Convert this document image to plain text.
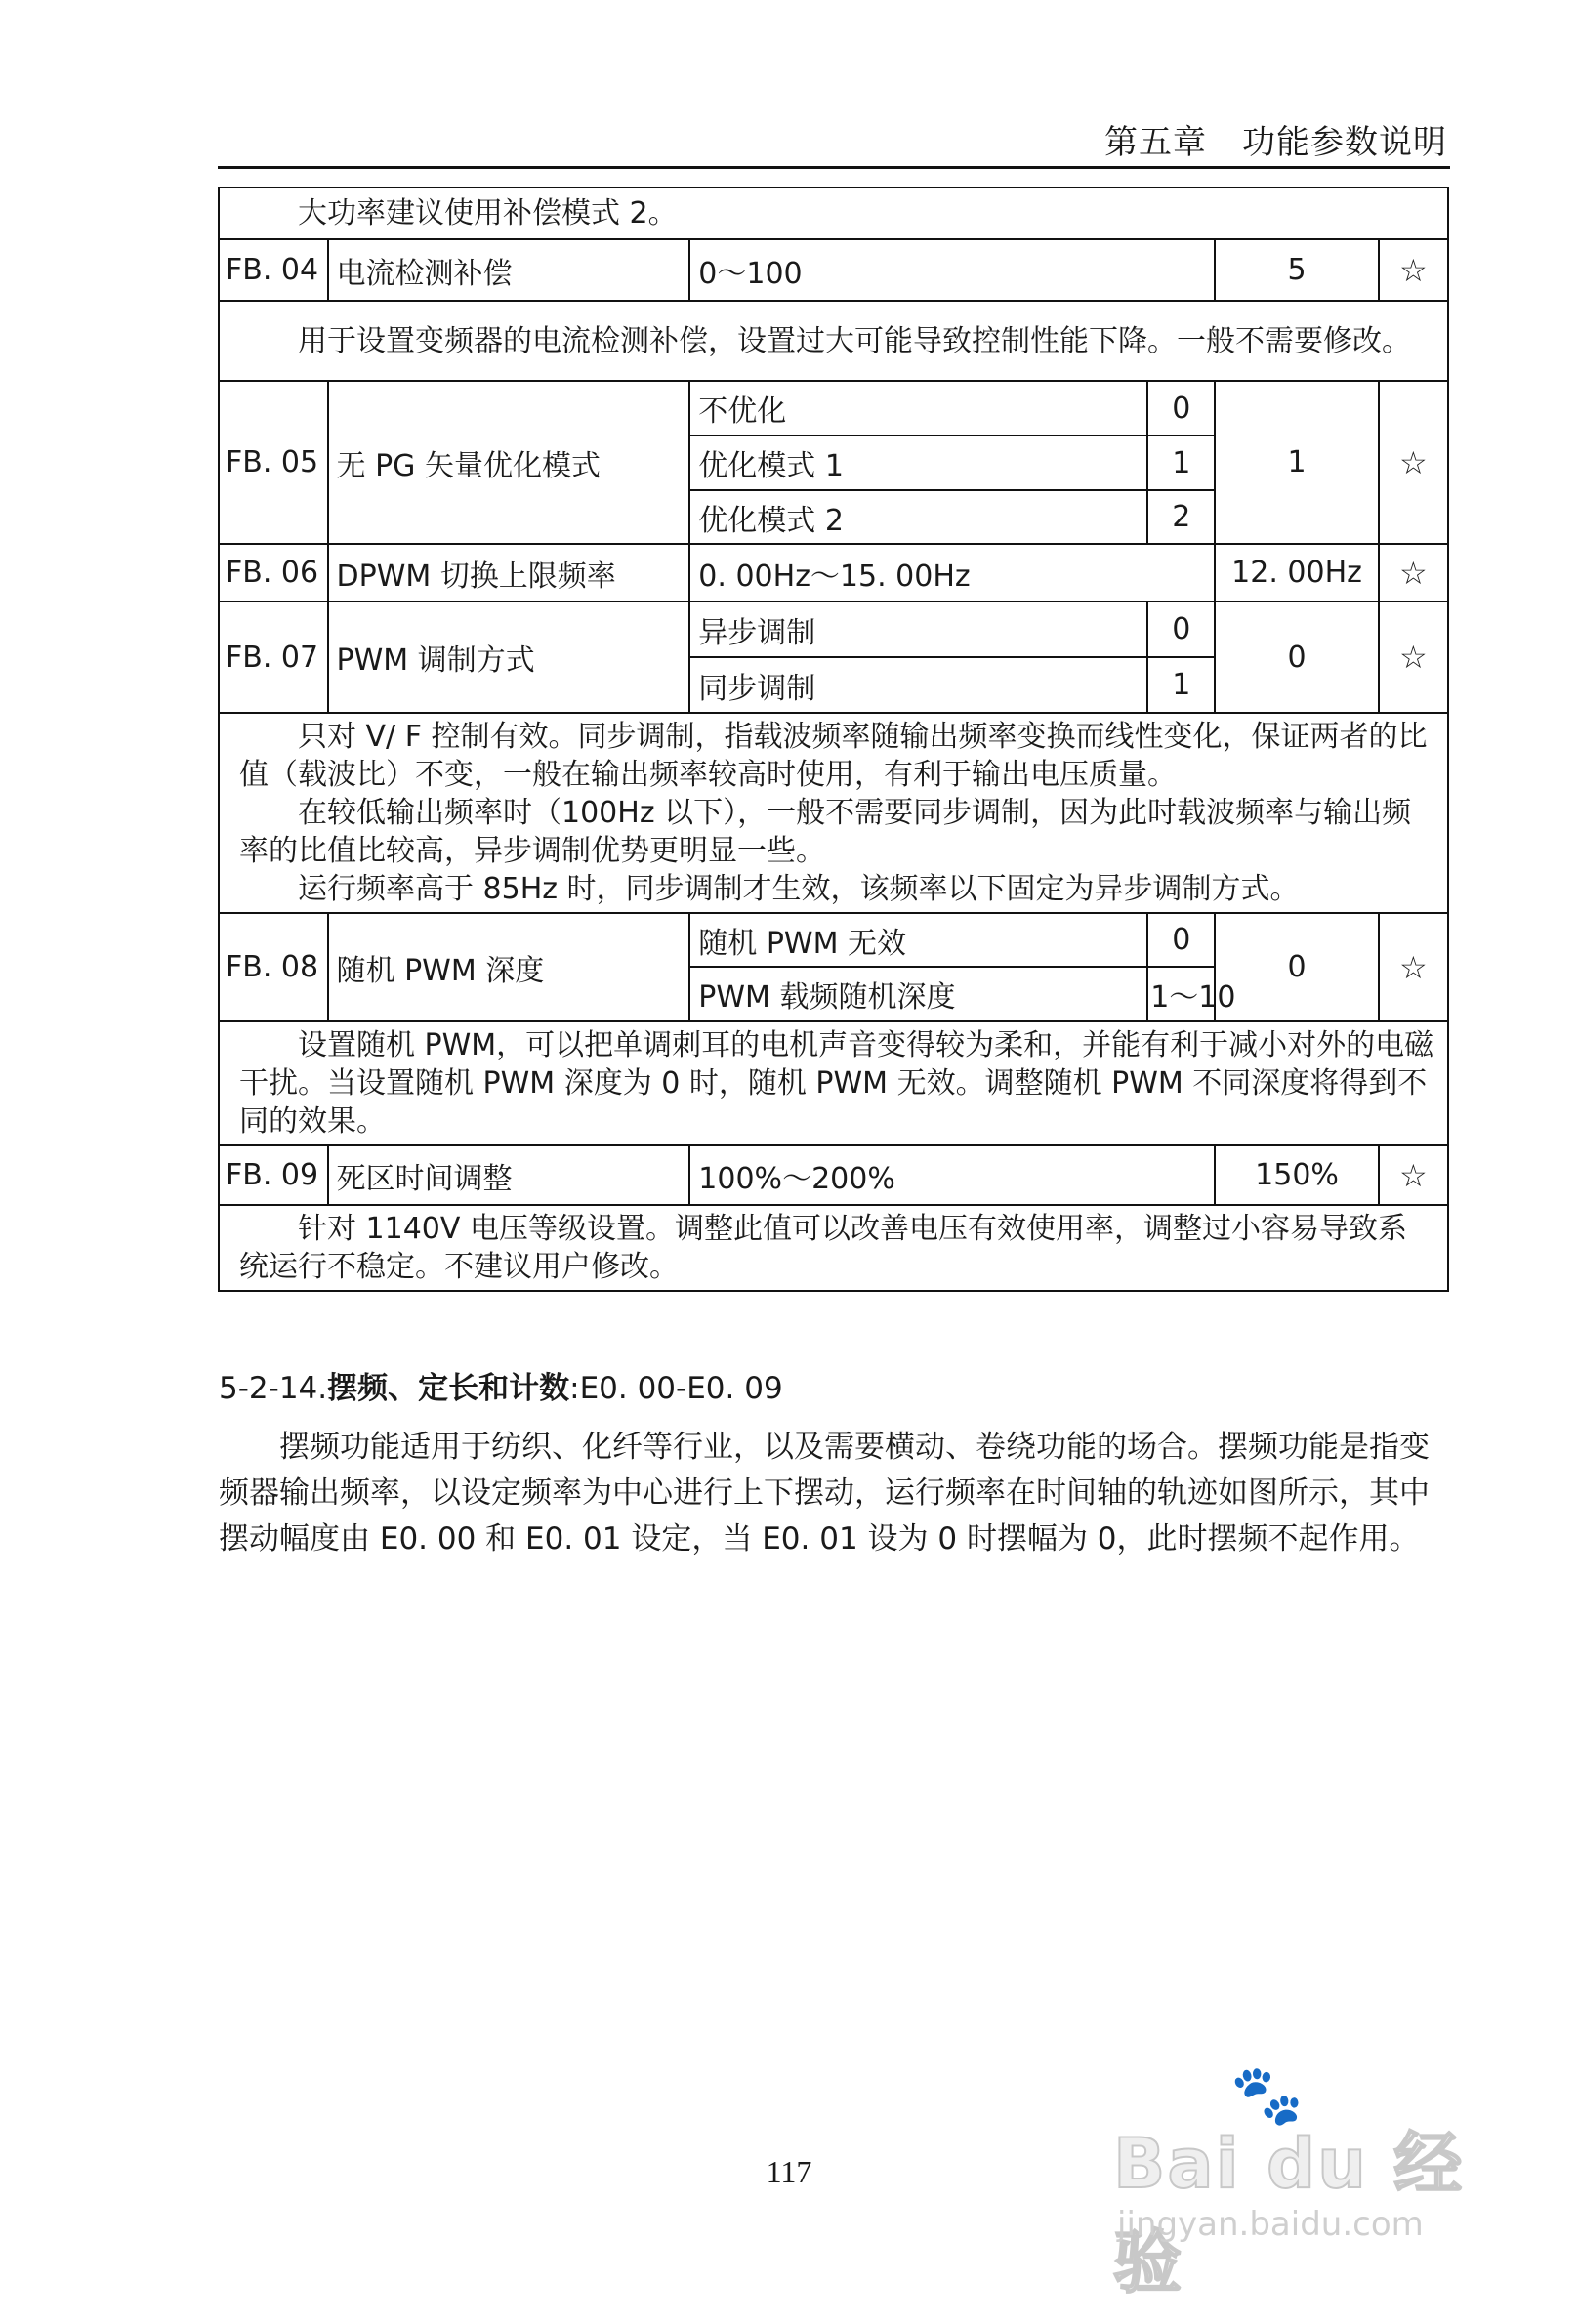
第五章 功能参数说明

大功率建议使用补偿模式 2。					

FB. 04	电流检测补偿	0～100		5	☆

用于设置变频器的电流检测补偿，设置过大可能导致控制性能下降。一般不需要修改。					

FB. 05	无 PG 矢量优化模式	不优化	0	1	☆
		优化模式 1	1		
		优化模式 2	2		
FB. 06	DPWM 切换上限频率	0. 00Hz～15. 00Hz		12. 00Hz	☆
FB. 07	PWM 调制方式	异步调制	0	0	☆
		同步调制	1		

只对 V/ F 控制有效。同步调制，指载波频率随输出频率变换而线性变化，保证两者的比值（载波比）不变，一般在输出频率较高时使用，有利于输出电压质量。

在较低输出频率时（100Hz 以下），一般不需要同步调制，因为此时载波频率与输出频率的比值比较高，异步调制优势更明显一些。

运行频率高于 85Hz 时，同步调制才生效，该频率以下固定为异步调制方式。					

FB. 08	随机 PWM 深度	随机 PWM 无效	0	0	☆
		PWM 载频随机深度	1～10		

设置随机 PWM，可以把单调刺耳的电机声音变得较为柔和，并能有利于减小对外的电磁干扰。当设置随机 PWM 深度为 0 时，随机 PWM 无效。调整随机 PWM 不同深度将得到不同的效果。					

FB. 09	死区时间调整	100%～200%		150%	☆

针对 1140V 电压等级设置。调整此值可以改善电压有效使用率，调整过小容易导致系统运行不稳定。不建议用户修改。					

5-2-14.摆频、定长和计数:E0. 00-E0. 09

摆频功能适用于纺织、化纤等行业，以及需要横动、卷绕功能的场合。摆频功能是指变频器输出频率，以设定频率为中心进行上下摆动，运行频率在时间轴的轨迹如图所示，其中摆动幅度由 E0. 00 和 E0. 01 设定，当 E0. 01 设为 0 时摆幅为 0，此时摆频不起作用。

117
🐾
Bai du 经验
jingyan.baidu.com
